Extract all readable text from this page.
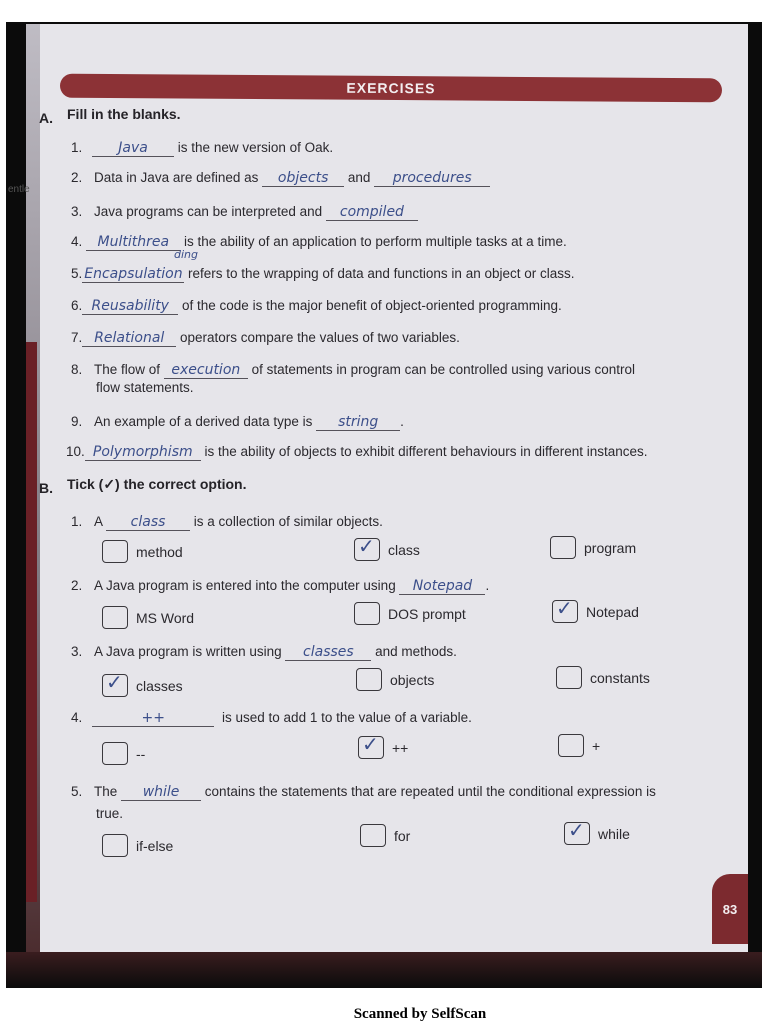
EXERCISES
entle
A. Fill in the blanks.
1.	Java is the new version of Oak.
2. Data in Java are defined as objects and procedures
3. Java programs can be interpreted and compiled
4. Multithrea is the ability of an application to perform multiple tasks at a time.
ding
5. Encapsulation refers to the wrapping of data and functions in an object or class.
6. Reusability of the code is the major benefit of object-oriented programming.
7. Relational operators compare the values of two variables.
8. The flow of execution of statements in program can be controlled using various control
flow statements.
9. An example of a derived data type is string .
10. Polymorphism is the ability of objects to exhibit different behaviours in different instances.
B. Tick (✓) the correct option.
1. A class is a collection of similar objects.
method	✓ class	program
2. A Java program is entered into the computer using Notepad .
MS Word	DOS prompt	✓ Notepad
3. A Java program is written using classes and methods.
✓ classes	objects	constants
4.	++	is used to add 1 to the value of a variable.
--	✓ ++	+
5. The while contains the statements that are repeated until the conditional expression is
true.
if-else
for	✓ while
83
Scanned by SelfScan
